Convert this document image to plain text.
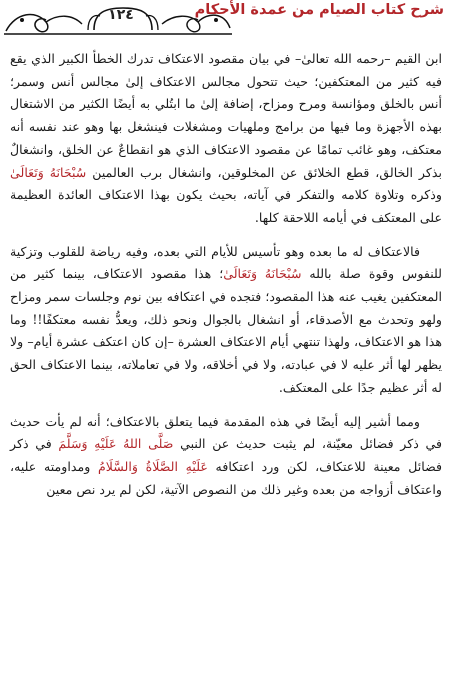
١٢٤	شرح كتاب الصيام من عمدة الأحكام

ابن القيم –رحمه الله تعالىٰ– في بيان مقصود الاعتكاف تدرك الخطأ الكبير الذي يقع فيه كثير من المعتكفين؛ حيث تتحول مجالس الاعتكاف إلىٰ مجالس أنس وسمر؛ أنس بالخلق ومؤانسة ومرح ومزاح، إضافة إلىٰ ما ابتُلي به أيضًا الكثير من الاشتغال بهذه الأجهزة وما فيها من برامج وملهيات ومشغلات فينشغل بها وهو عند نفسه أنه معتكف، وهو غائب تمامًا عن مقصود الاعتكاف الذي هو انقطاعٌ عن الخلق، وانشغالٌ بذكر الخالق، قطع الخلائق عن المخلوقين، وانشغال برب العالمين سُبْحَانَهُ وَتَعَالَىٰ وذكره وتلاوة كلامه والتفكر في آياته، بحيث يكون بهذا الاعتكاف العائدة العظيمة على المعتكف في أيامه اللاحقة كلها.

فالاعتكاف له ما بعده وهو تأسيس للأيام التي بعده، وفيه رياضة للقلوب وتزكية للنفوس وقوة صلة بالله سُبْحَانَهُ وَتَعَالَىٰ؛ هذا مقصود الاعتكاف، بينما كثير من المعتكفين يغيب عنه هذا المقصود؛ فتجده في اعتكافه بين نوم وجلسات سمر ومزاح ولهو وتحدث مع الأصدقاء، أو انشغال بالجوال ونحو ذلك، ويعدُّ نفسه معتكفًا!! وما هذا هو الاعتكاف، ولهذا تنتهي أيام الاعتكاف العشرة –إن كان اعتكف عشرة أيام– ولا يظهر لها أثر عليه لا في عبادته، ولا في أخلاقه، ولا في تعاملاته، بينما الاعتكاف الحق له أثر عظيم جدًا على المعتكف.

ومما أشير إليه أيضًا في هذه المقدمة فيما يتعلق بالاعتكاف؛ أنه لم يأت حديث في ذكر فضائل معيّنة، لم يثبت حديث عن النبي صَلَّى اللهُ عَلَيْهِ وَسَلَّمَ في ذكر فضائل معينة للاعتكاف، لكن ورد اعتكافه عَلَيْهِ الصَّلَاةُ وَالسَّلَامُ ومداومته عليه، واعتكاف أزواجه من بعده وغير ذلك من النصوص الآتية، لكن لم يرد نص معين
